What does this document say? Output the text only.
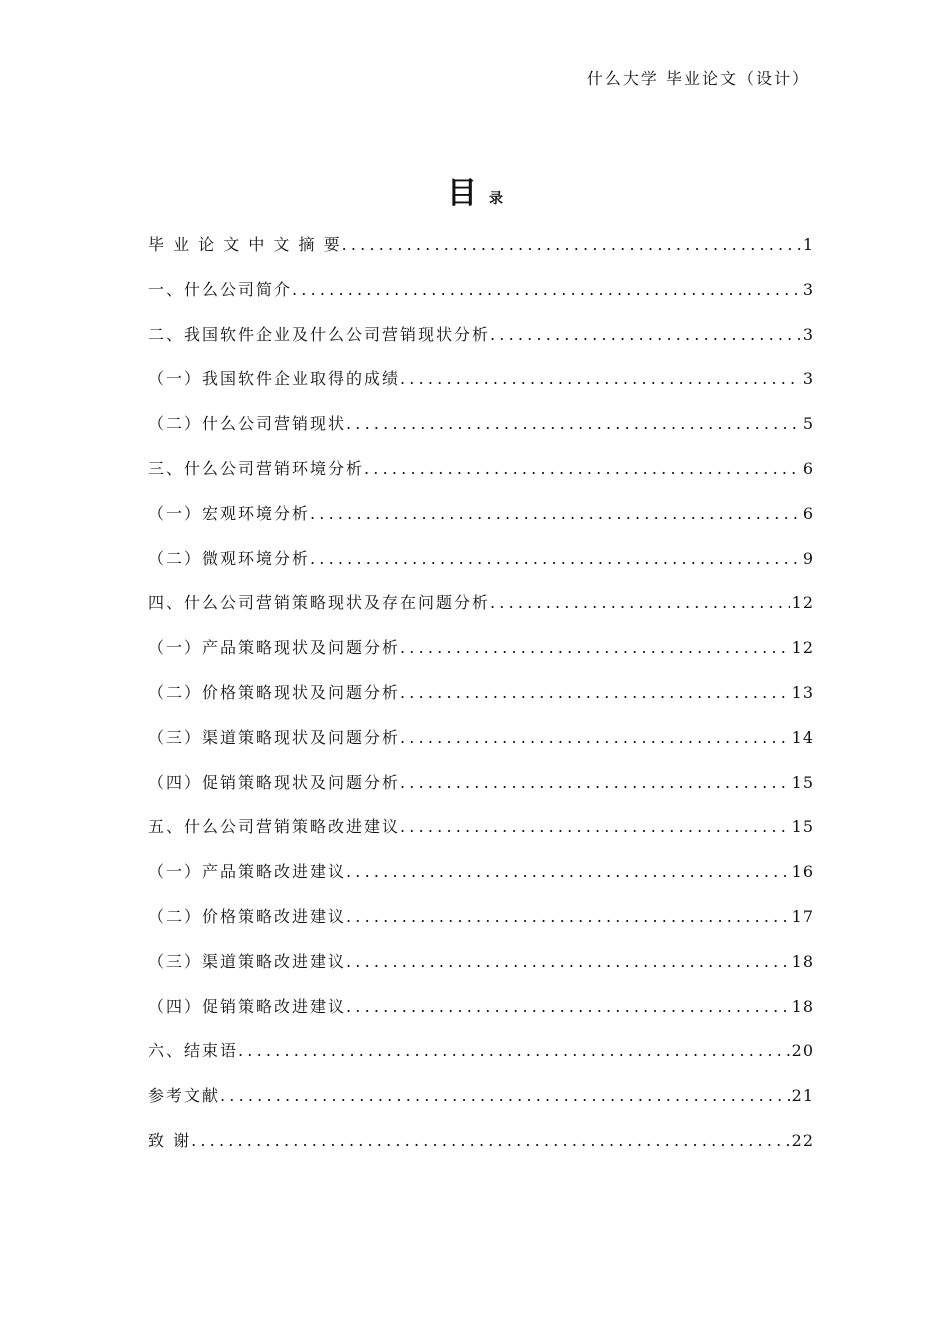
什么大学 毕业论文（设计）
目录
毕 业 论 文 中 文 摘 要 .....	1
一、什么公司简介 .....	3
二、我国软件企业及什么公司营销现状分析 .....	3
（一）我国软件企业取得的成绩 .....	3
（二）什么公司营销现状 .....	5
三、什么公司营销环境分析 .....	6
（一）宏观环境分析 .....	6
（二）微观环境分析 .....	9
四、什么公司营销策略现状及存在问题分析 .....	12
（一）产品策略现状及问题分析 .....	12
（二）价格策略现状及问题分析 .....	13
（三）渠道策略现状及问题分析 .....	14
（四）促销策略现状及问题分析 .....	15
五、什么公司营销策略改进建议 .....	15
（一）产品策略改进建议 .....	16
（二）价格策略改进建议 .....	17
（三）渠道策略改进建议 .....	18
（四）促销策略改进建议 .....	18
六、结束语 .....	20
参考文献 .....	21
致 谢 .....	22
